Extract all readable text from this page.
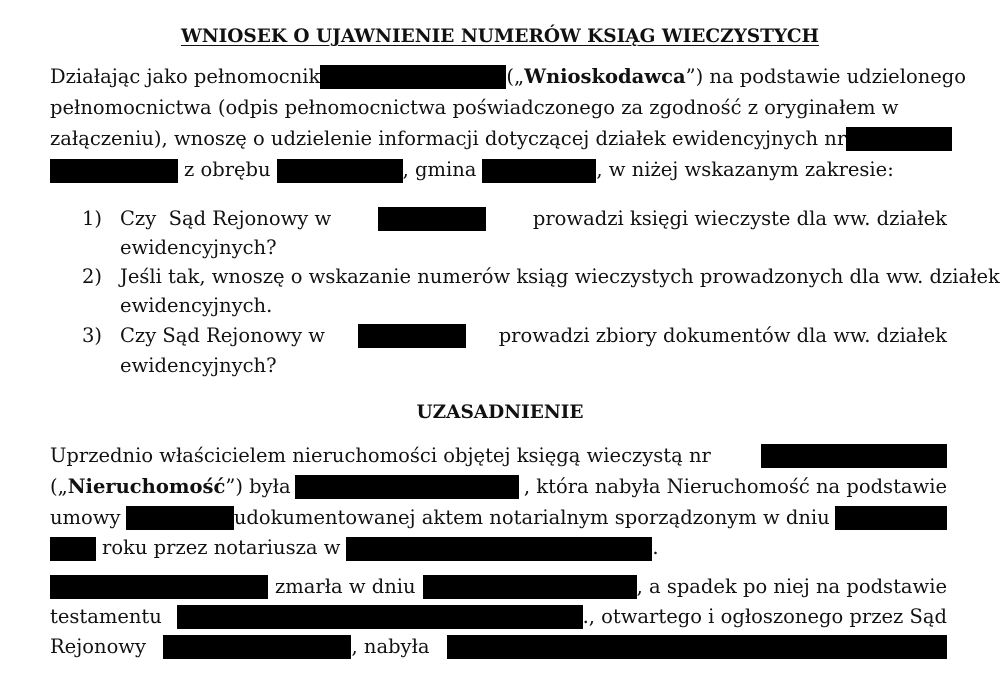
WNIOSEK O UJAWNIENIE NUMERÓW KSIĄG WIECZYSTYCH
Działając jako pełnomocnik	(„Wnioskodawca”) na podstawie udzielonego
pełnomocnictwa (odpis pełnomocnictwa poświadczonego za zgodność z oryginałem w
załączeniu), wnoszę o udzielenie informacji dotyczącej działek ewidencyjnych nr
z obrębu	, gmina	, w niżej wskazanym zakresie:
1) Czy  Sąd Rejonowy w	prowadzi księgi wieczyste dla ww. działek
ewidencyjnych?
2) Jeśli tak, wnoszę o wskazanie numerów ksiąg wieczystych prowadzonych dla ww. działek
ewidencyjnych.
3) Czy Sąd Rejonowy w	prowadzi zbiory dokumentów dla ww. działek
ewidencyjnych?
UZASADNIENIE
Uprzednio właścicielem nieruchomości objętej księgą wieczystą nr
(„Nieruchomość”) była	, która nabyła Nieruchomość na podstawie
umowy	udokumentowanej aktem notarialnym sporządzonym w dniu
roku przez notariusza w	.
zmarła w dniu	, a spadek po niej na podstawie
testamentu	., otwartego i ogłoszonego przez Sąd
Rejonowy	, nabyła
